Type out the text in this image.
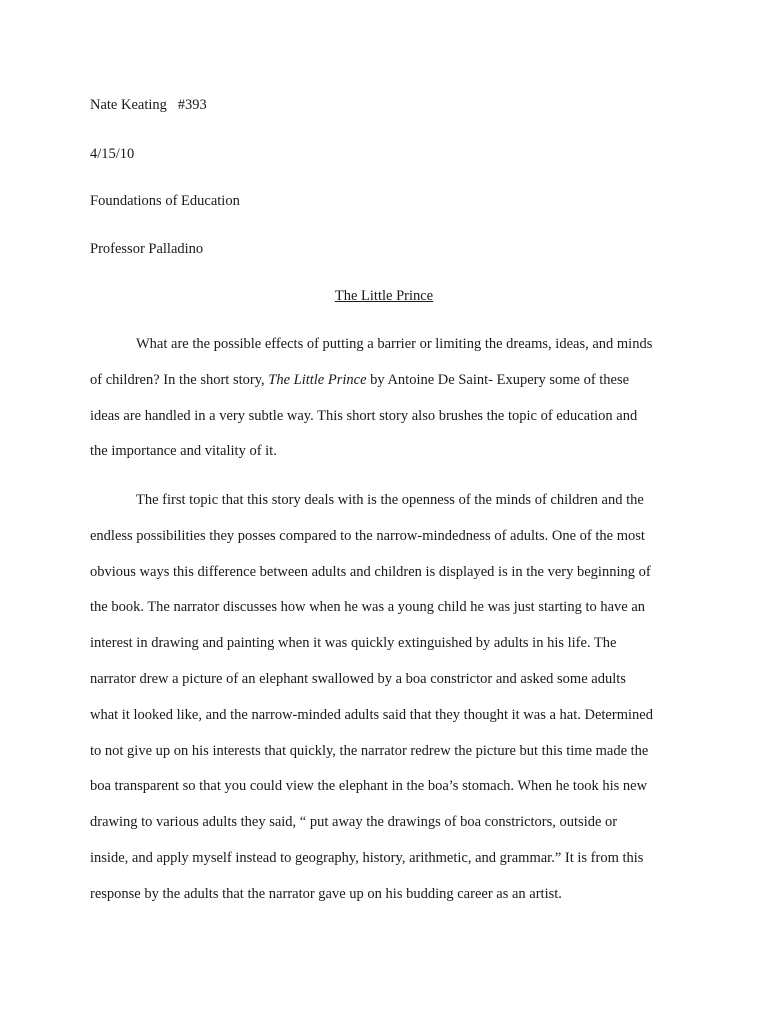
Nate Keating   #393
4/15/10
Foundations of Education
Professor Palladino
The Little Prince
What are the possible effects of putting a barrier or limiting the dreams, ideas, and minds
of children? In the short story, The Little Prince by Antoine De Saint- Exupery some of these
ideas are handled in a very subtle way. This short story also brushes the topic of education and
the importance and vitality of it.
The first topic that this story deals with is the openness of the minds of children and the
endless possibilities they posses compared to the narrow-mindedness of adults. One of the most
obvious ways this difference between adults and children is displayed is in the very beginning of
the book. The narrator discusses how when he was a young child he was just starting to have an
interest in drawing and painting when it was quickly extinguished by adults in his life. The
narrator drew a picture of an elephant swallowed by a boa constrictor and asked some adults
what it looked like, and the narrow-minded adults said that they thought it was a hat. Determined
to not give up on his interests that quickly, the narrator redrew the picture but this time made the
boa transparent so that you could view the elephant in the boa’s stomach. When he took his new
drawing to various adults they said, “ put away the drawings of boa constrictors, outside or
inside, and apply myself instead to geography, history, arithmetic, and grammar.” It is from this
response by the adults that the narrator gave up on his budding career as an artist.
